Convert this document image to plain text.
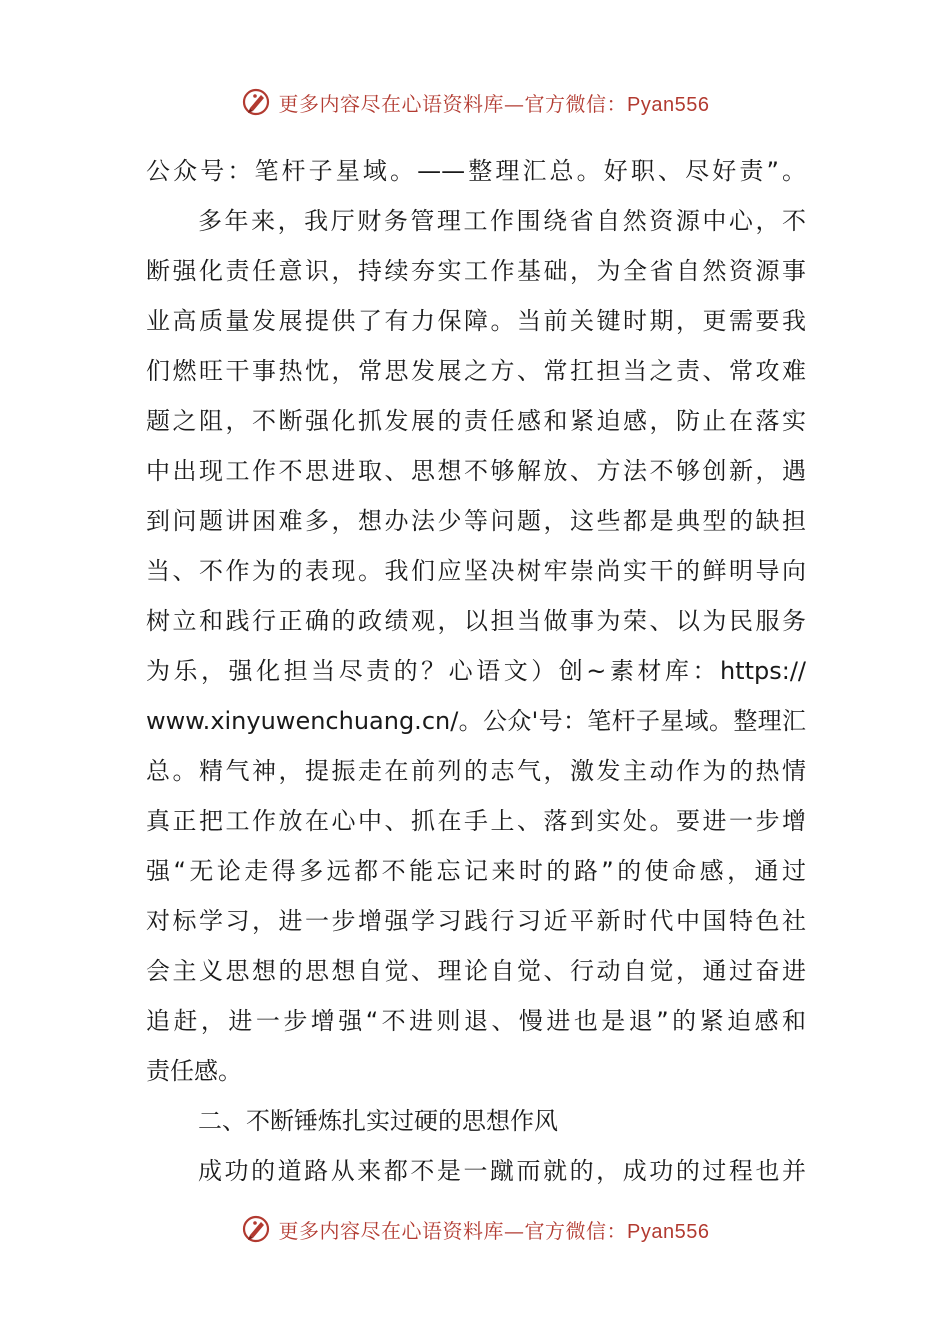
更多内容尽在心语资料库—官方微信：Pyan556
公众号：笔杆子星域。——整理汇总。好职、尽好责”。
多年来，我厅财务管理工作围绕省自然资源中心，不
断强化责任意识，持续夯实工作基础，为全省自然资源事
业高质量发展提供了有力保障。当前关键时期，更需要我
们燃旺干事热忱，常思发展之方、常扛担当之责、常攻难
题之阻，不断强化抓发展的责任感和紧迫感，防止在落实
中出现工作不思进取、思想不够解放、方法不够创新，遇
到问题讲困难多，想办法少等问题，这些都是典型的缺担
当、不作为的表现。我们应坚决树牢崇尚实干的鲜明导向
树立和践行正确的政绩观，以担当做事为荣、以为民服务
为乐，强化担当尽责的？心语文）创~素材库：https://
www.xinyuwenchuang.cn/。公众'号：笔杆子星域。整理汇
总。精气神，提振走在前列的志气，激发主动作为的热情
真正把工作放在心中、抓在手上、落到实处。要进一步增
强“无论走得多远都不能忘记来时的路”的使命感，通过
对标学习，进一步增强学习践行习近平新时代中国特色社
会主义思想的思想自觉、理论自觉、行动自觉，通过奋进
追赶，进一步增强“不进则退、慢进也是退”的紧迫感和
责任感。
二、不断锤炼扎实过硬的思想作风
成功的道路从来都不是一蹴而就的，成功的过程也并
更多内容尽在心语资料库—官方微信：Pyan556
